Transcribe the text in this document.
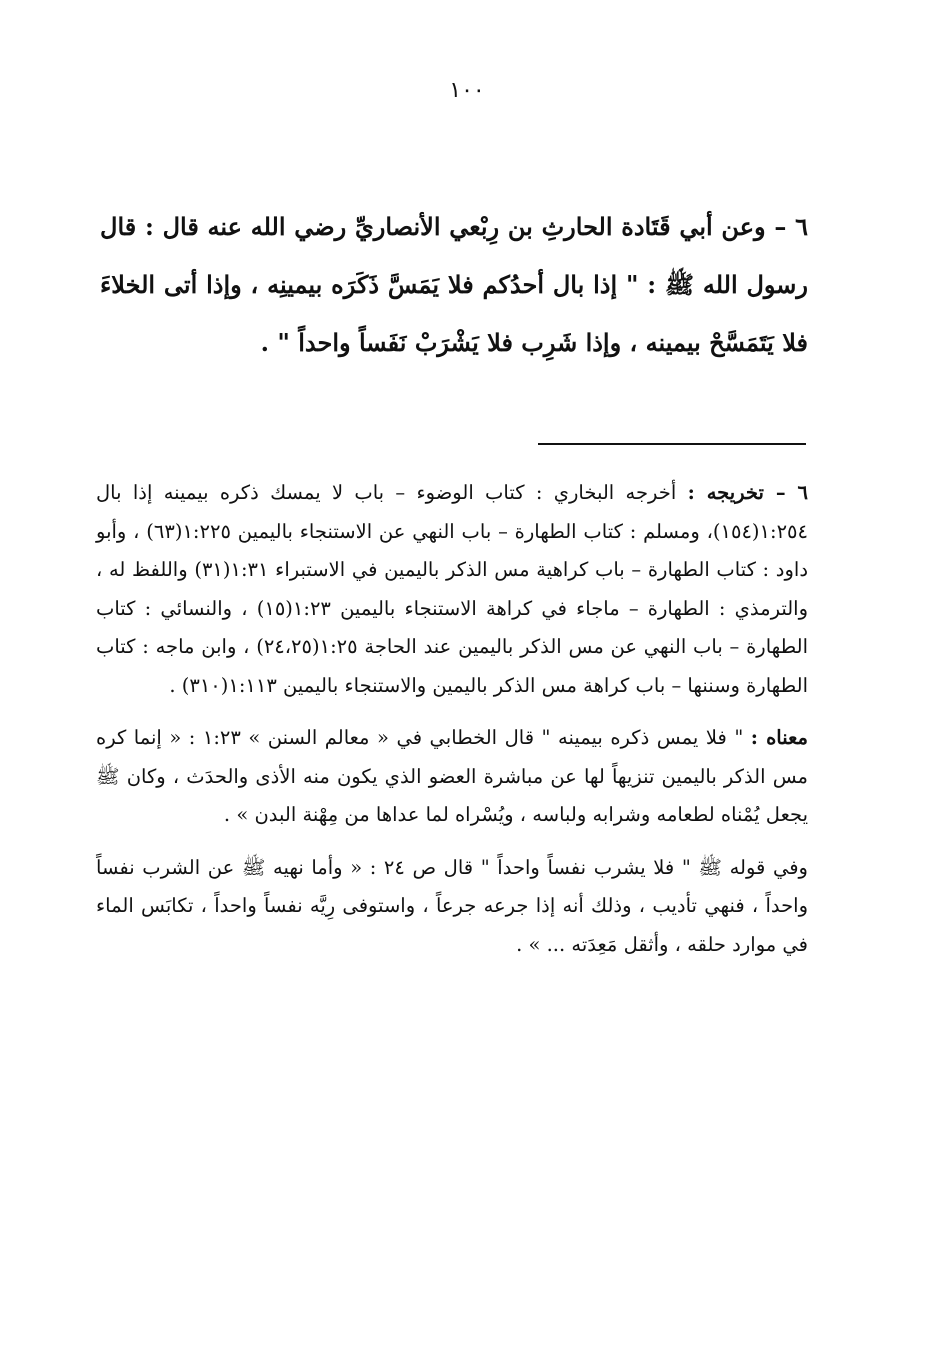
١٠٠

٦ – وعن أبي قَتَادة الحارثِ بن رِبْعي الأنصاريِّ رضي الله عنه قال : قال رسول الله ﷺ : " إذا بال أحدُكم فلا يَمَسَّ ذَكَرَه بيمينِه ، وإذا أتى الخلاءَ فلا يَتَمَسَّحْ بيمينه ، وإذا شَرِب فلا يَشْرَبْ نَفَساً واحداً " .

٦ – تخريجه : أخرجه البخاري : كتاب الوضوء – باب لا يمسك ذكره بيمينه إذا بال ١:٢٥٤(١٥٤)، ومسلم : كتاب الطهارة – باب النهي عن الاستنجاء باليمين ١:٢٢٥(٦٣) ، وأبو داود : كتاب الطهارة – باب كراهية مس الذكر باليمين في الاستبراء ١:٣١(٣١) واللفظ له ، والترمذي : الطهارة – ماجاء في كراهة الاستنجاء باليمين ١:٢٣(١٥) ، والنسائي : كتاب الطهارة – باب النهي عن مس الذكر باليمين عند الحاجة ١:٢٥(٢٤،٢٥) ، وابن ماجه : كتاب الطهارة وسننها – باب كراهة مس الذكر باليمين والاستنجاء باليمين ١:١١٣(٣١٠) .

معناه : " فلا يمس ذكره بيمينه " قال الخطابي في « معالم السنن » ١:٢٣ : « إنما كره مس الذكر باليمين تنزيهاً لها عن مباشرة العضو الذي يكون منه الأذى والحدَث ، وكان ﷺ يجعل يُمْناه لطعامه وشرابه ولباسه ، ويُسْراه لما عداها من مِهْنة البدن » .

وفي قوله ﷺ " فلا يشرب نفساً واحداً " قال ص ٢٤ : « وأما نهيه ﷺ عن الشرب نفساً واحداً ، فنهي تأديب ، وذلك أنه إذا جرعه جرعاً ، واستوفى رِيَّه نفساً واحداً ، تكابَس الماء في موارد حلقه ، وأثقل مَعِدَته ... » .
